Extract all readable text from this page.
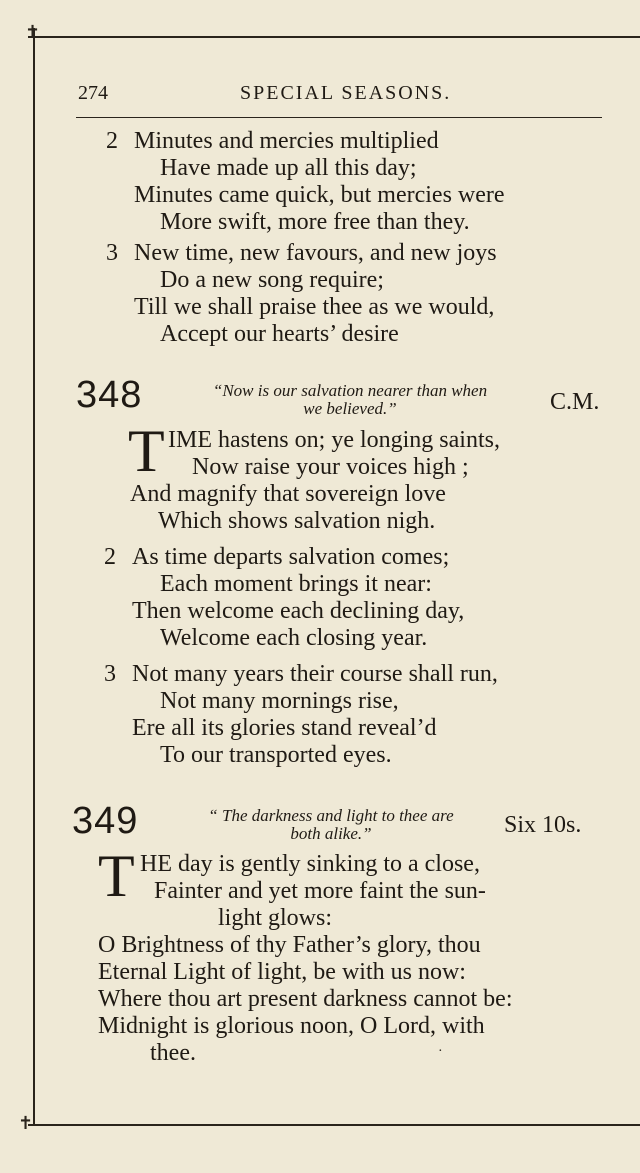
✝
✝
274	SPECIAL SEASONS.
2 Minutes and mercies multiplied
Have made up all this day;
Minutes came quick, but mercies were
More swift, more free than they.
3 New time, new favours, and new joys
Do a new song require;
Till we shall praise thee as we would,
Accept our hearts’ desire
348	“Now is our salvation nearer than when
we believed.”	C.M.
T IME hastens on; ye longing saints,
Now raise your voices high ;
And magnify that sovereign love
Which shows salvation nigh.
2 As time departs salvation comes;
Each moment brings it near:
Then welcome each declining day,
Welcome each closing year.
3 Not many years their course shall run,
Not many mornings rise,
Ere all its glories stand reveal’d
To our transported eyes.
349	“ The darkness and light to thee are
both alike.”	Six 10s.
T HE day is gently sinking to a close,
Fainter and yet more faint the sun-
light glows:
O Brightness of thy Father’s glory, thou
Eternal Light of light, be with us now:
Where thou art present darkness cannot be:
Midnight is glorious noon, O Lord, with
thee.	·
